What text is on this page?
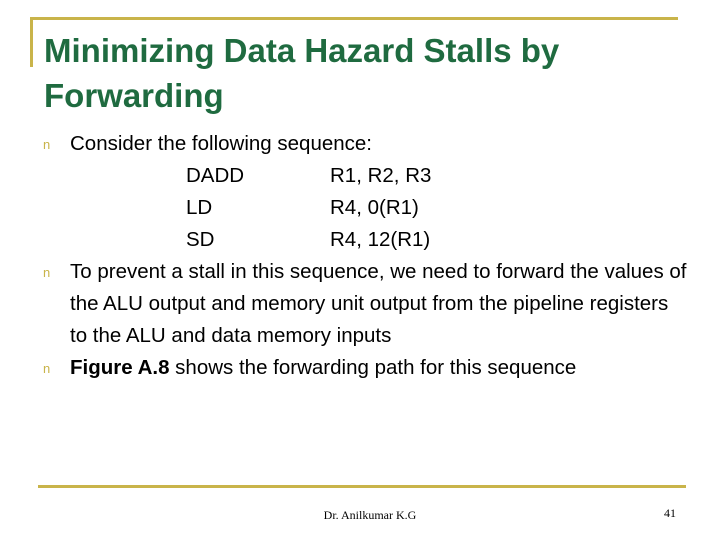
Minimizing Data Hazard Stalls by Forwarding
n Consider the following sequence:
DADD	R1, R2, R3
LD	R4, 0(R1)
SD	R4, 12(R1)
n To prevent a stall in this sequence, we need to forward the values of the ALU output and memory unit output from the pipeline registers to the ALU and data memory inputs
n Figure A.8 shows the forwarding path for this sequence
Dr. Anilkumar K.G	41
